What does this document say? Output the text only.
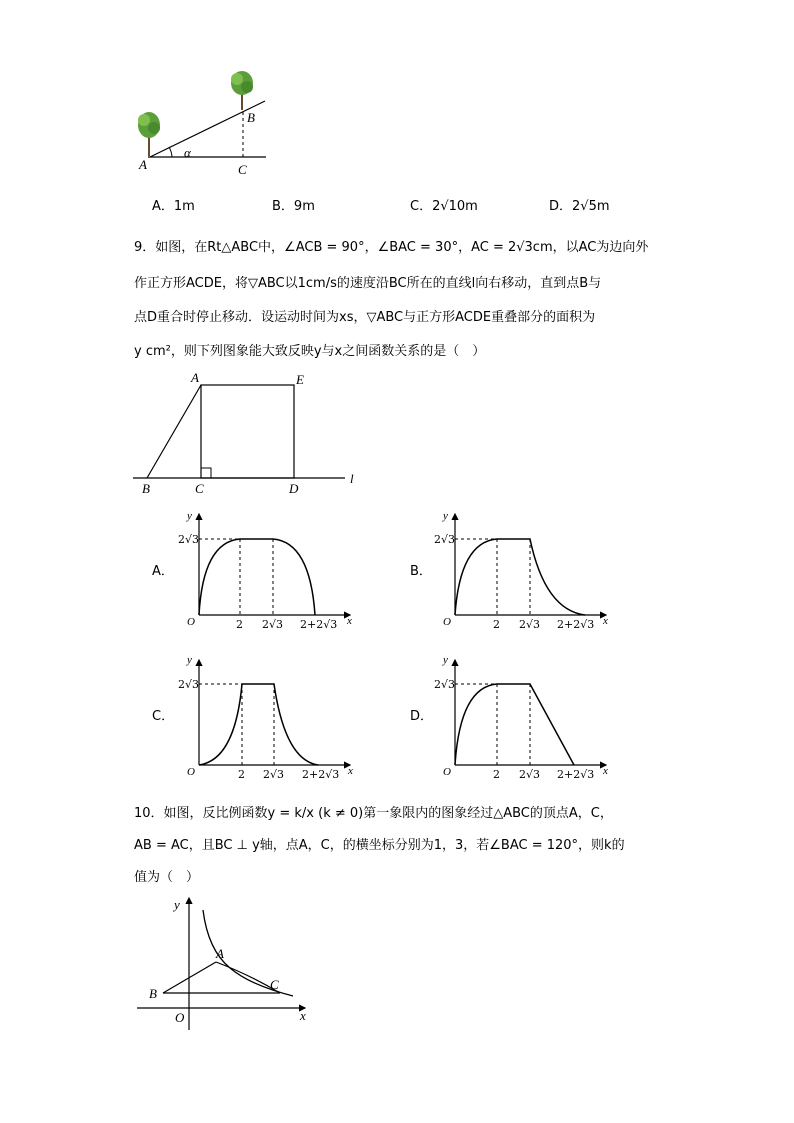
A
B
C
α
A．1m	B．9m	C．2√10m	D．2√5m
9．如图，在Rt△ABC中，∠ACB = 90°，∠BAC = 30°，AC = 2√3cm，以AC为边向外
作正方形ACDE，将▽ABC以1cm/s的速度沿BC所在的直线l向右移动，直到点B与
点D重合时停止移动．设运动时间为xs，▽ABC与正方形ACDE重叠部分的面积为
y cm²，则下列图象能大致反映y与x之间函数关系的是（　）
A	E
B	C	D
l
y
2√3
O	2 2√3 2+2√3 x
A．
y
2√3
O	2 2√3 2+2√3 x
B．
y
2√3
O	2 2√3 2+2√3 x
C．
y
2√3
O	2 2√3 2+2√3 x
D．
10．如图，反比例函数y = k/x (k ≠ 0)第一象限内的图象经过△ABC的顶点A，C，
AB = AC，且BC ⊥ y轴，点A，C，的横坐标分别为1，3，若∠BAC = 120°，则k的
值为（　）
y
x
O
A
B
C
